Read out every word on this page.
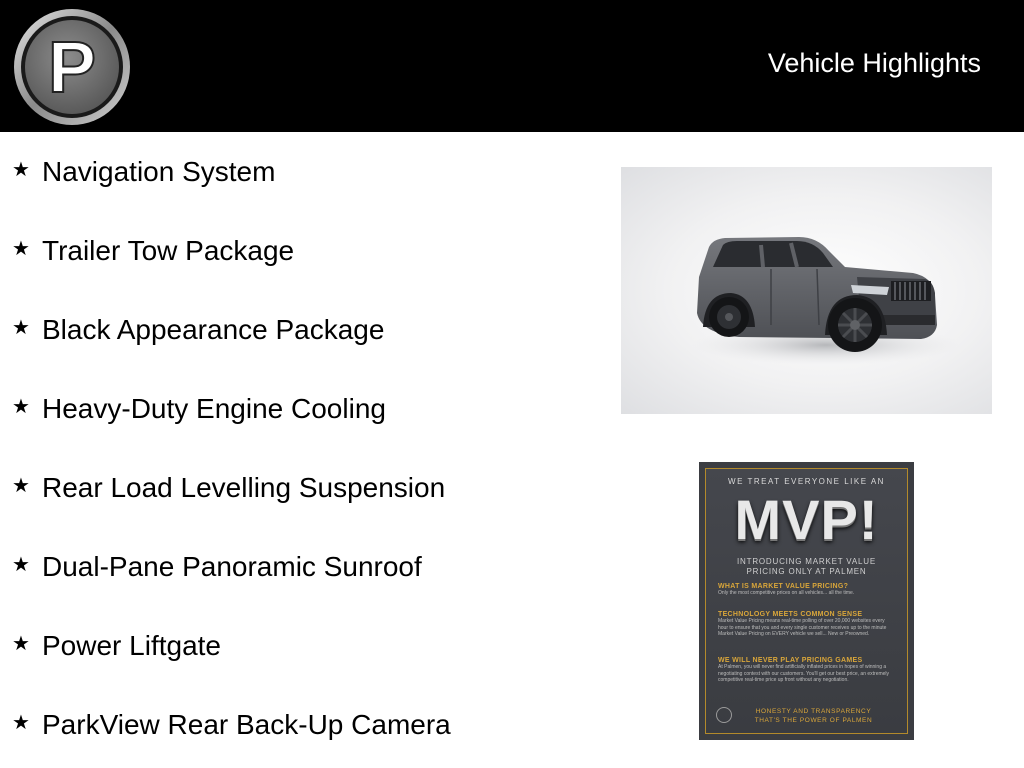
P	Vehicle Highlights
★ Navigation System
★ Trailer Tow Package
★ Black Appearance Package
★ Heavy-Duty Engine Cooling
★ Rear Load Levelling Suspension
★ Dual-Pane Panoramic Sunroof
★ Power Liftgate
★ ParkView Rear Back-Up Camera
WE TREAT EVERYONE LIKE AN
MVP!
INTRODUCING MARKET VALUE PRICING ONLY AT PALMEN
WHAT IS MARKET VALUE PRICING?
Only the most competitive prices on all vehicles... all the time.
TECHNOLOGY MEETS COMMON SENSE
Market Value Pricing means real-time polling of over 20,000 websites every hour to ensure that you and every single customer receives up to the minute Market Value Pricing on EVERY vehicle we sell... New or Preowned.
WE WILL NEVER PLAY PRICING GAMES
At Palmen, you will never find artificially inflated prices in hopes of winning a negotiating contest with our customers. You'll get our best price, an extremely competitive real-time price up front without any negotiation.
HONESTY AND TRANSPARENCY
THAT'S THE POWER OF PALMEN
